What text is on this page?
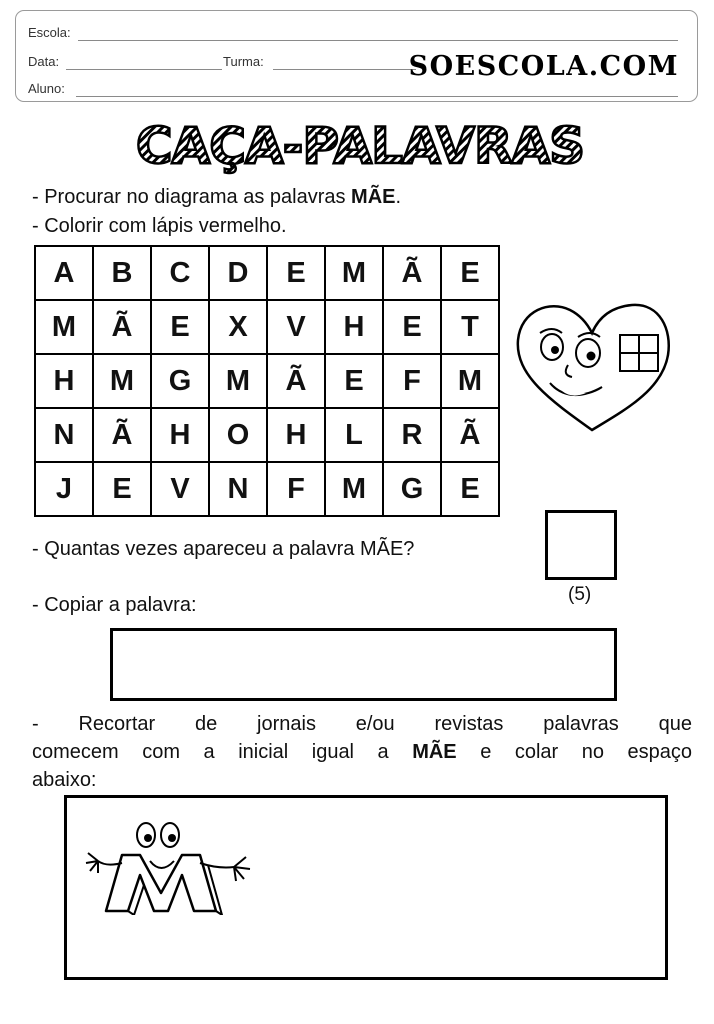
Escola:
Data:	Turma:
Aluno:
SOESCOLA.COM
CAÇA-PALAVRAS
- Procurar no diagrama as palavras MÃE.
- Colorir com lápis vermelho.
A	B	C	D	E	M	Ã	E
M	Ã	E	X	V	H	E	T
H	M	G	M	Ã	E	F	M
N	Ã	H	O	H	L	R	Ã
J	E	V	N	F	M	G	E
- Quantas vezes apareceu a palavra MÃE?
(5)
- Copiar a palavra:
- Recortar de jornais e/ou revistas palavras que
comecem com a inicial igual a MÃE e colar no espaço
abaixo:
